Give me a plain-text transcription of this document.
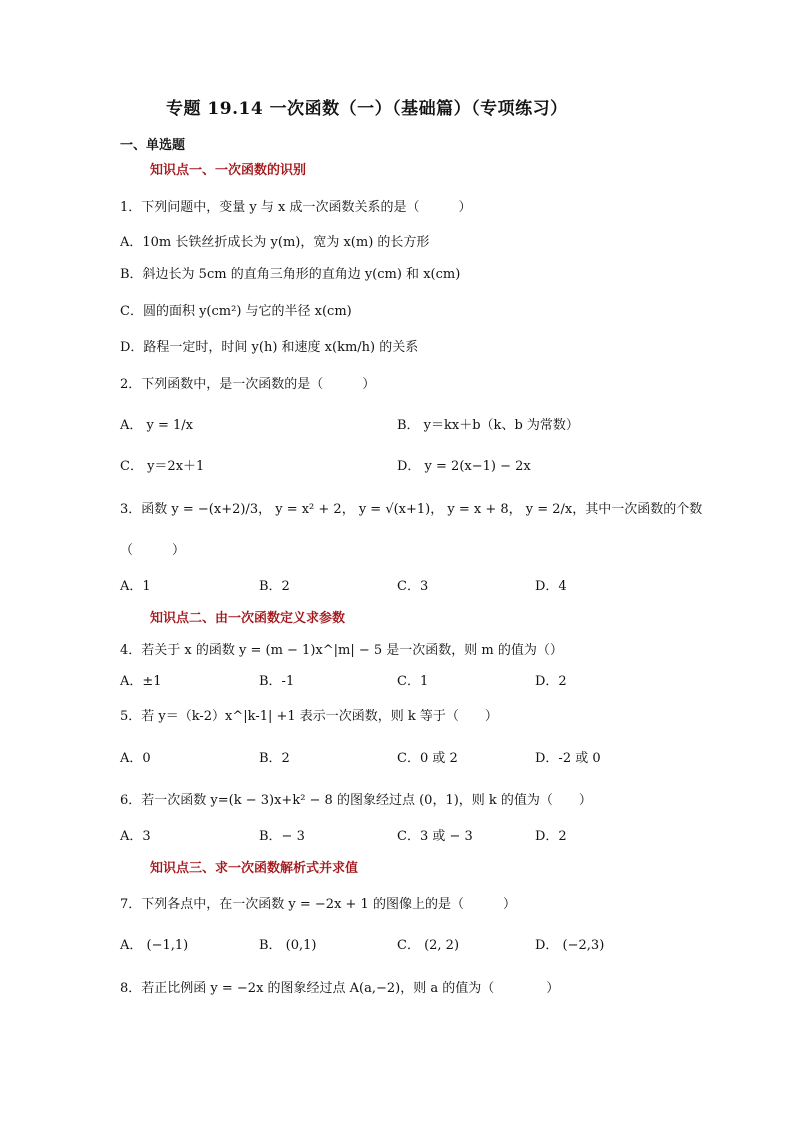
专题 19.14 一次函数（一）（基础篇）（专项练习）
一、单选题
知识点一、一次函数的识别
1．下列问题中，变量 y 与 x 成一次函数关系的是（　　　）
A．10m 长铁丝折成长为 y(m)，宽为 x(m) 的长方形
B．斜边长为 5cm 的直角三角形的直角边 y(cm) 和 x(cm)
C．圆的面积 y(cm²) 与它的半径 x(cm)
D．路程一定时，时间 y(h) 和速度 x(km/h) 的关系
2．下列函数中，是一次函数的是（　　　）
A． y = 1/x	B． y＝kx＋b（k、b 为常数）
C． y＝2x＋1	D． y = 2(x−1) − 2x
3．函数 y = −(x+2)/3， y = x² + 2， y = √(x+1)， y = x + 8， y = 2/x，其中一次函数的个数
（　　　）
A．1	B．2	C．3	D．4
知识点二、由一次函数定义求参数
4．若关于 x 的函数 y = (m − 1)x^|m| − 5 是一次函数，则 m 的值为（）
A．±1	B．-1	C．1	D．2
5．若 y＝（k-2）x^|k-1| +1 表示一次函数，则 k 等于（　　）
A．0	B．2	C．0 或 2	D．-2 或 0
6．若一次函数 y=(k − 3)x+k² − 8 的图象经过点 (0，1)，则 k 的值为（　　）
A．3	B．− 3	C．3 或 − 3	D．2
知识点三、求一次函数解析式并求值
7．下列各点中，在一次函数 y = −2x + 1 的图像上的是（　　　）
A． (−1,1)	B． (0,1)	C． (2, 2)	D． (−2,3)
8．若正比例函 y = −2x 的图象经过点 A(a,−2)，则 a 的值为（　　　　）
